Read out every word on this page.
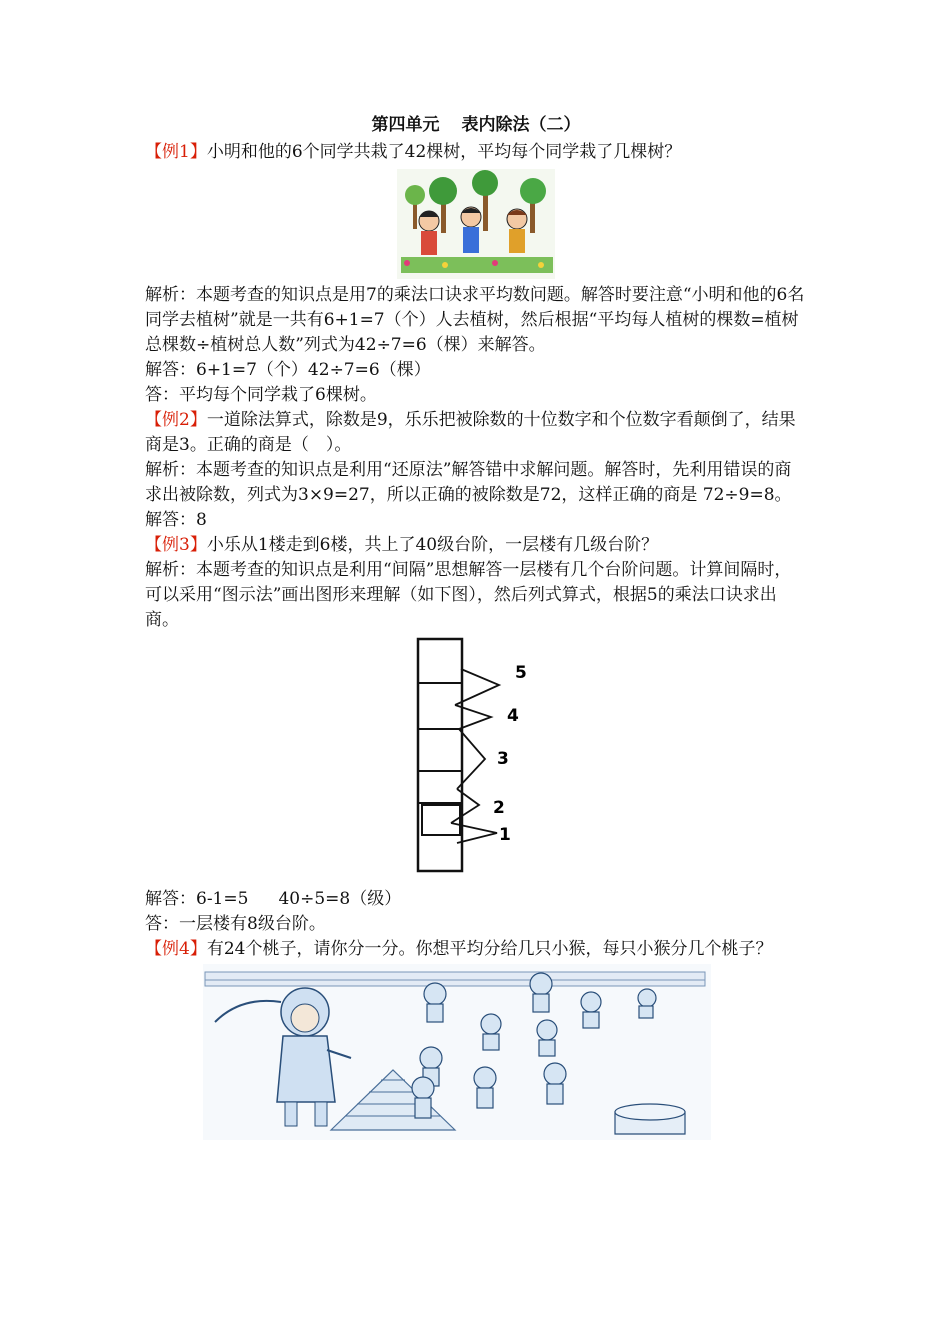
第四单元 表内除法（二）

【例1】小明和他的6个同学共栽了42棵树，平均每个同学栽了几棵树？

解析：本题考查的知识点是用7的乘法口诀求平均数问题。解答时要注意“小明和他的6名同学去植树”就是一共有6+1=7（个）人去植树，然后根据“平均每人植树的棵数=植树总棵数÷植树总人数”列式为42÷7=6（棵）来解答。

解答：6+1=7（个）42÷7=6（棵）

答：平均每个同学栽了6棵树。

【例2】一道除法算式，除数是9，乐乐把被除数的十位数字和个位数字看颠倒了，结果商是3。正确的商是（　）。

解析：本题考查的知识点是利用“还原法”解答错中求解问题。解答时，先利用错误的商求出被除数，列式为3×9=27，所以正确的被除数是72，这样正确的商是 72÷9=8。

解答：8

【例3】小乐从1楼走到6楼，共上了40级台阶，一层楼有几级台阶？

解析：本题考查的知识点是利用“间隔”思想解答一层楼有几个台阶问题。计算间隔时，可以采用“图示法”画出图形来理解（如下图），然后列式算式，根据5的乘法口诀求出商。

5
4
3
2
1

解答：6-1=5 40÷5=8（级）

答：一层楼有8级台阶。

【例4】有24个桃子，请你分一分。你想平均分给几只小猴，每只小猴分几个桃子？
